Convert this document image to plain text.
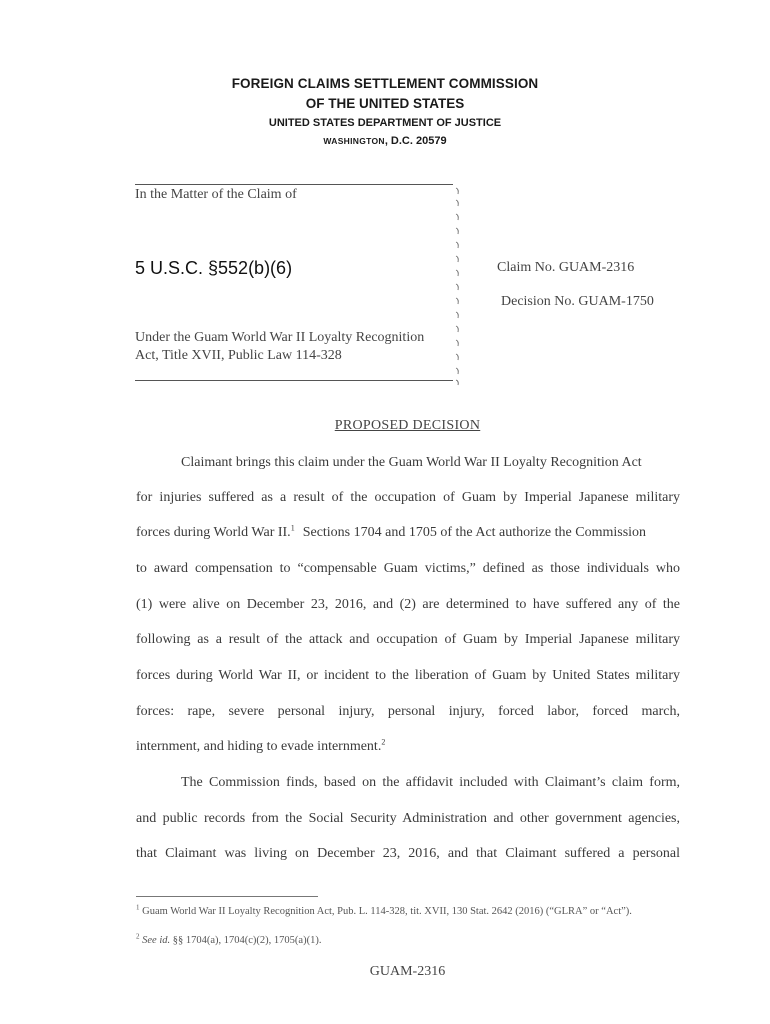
FOREIGN CLAIMS SETTLEMENT COMMISSION
OF THE UNITED STATES
UNITED STATES DEPARTMENT OF JUSTICE
WASHINGTON, D.C. 20579
In the Matter of the Claim of
5 U.S.C. §552(b)(6)
Under the Guam World War II Loyalty Recognition
Act, Title XVII, Public Law 114-328
Claim No. GUAM-2316
Decision No. GUAM-1750
PROPOSED DECISION
Claimant brings this claim under the Guam World War II Loyalty Recognition Act
for injuries suffered as a result of the occupation of Guam by Imperial Japanese military
forces during World War II.$^1$ Sections 1704 and 1705 of the Act authorize the Commission
to award compensation to “compensable Guam victims,” defined as those individuals who
(1) were alive on December 23, 2016, and (2) are determined to have suffered any of the
following as a result of the attack and occupation of Guam by Imperial Japanese military
forces during World War II, or incident to the liberation of Guam by United States military
forces: rape, severe personal injury, personal injury, forced labor, forced march,
internment, and hiding to evade internment.$^2$
The Commission finds, based on the affidavit included with Claimant’s claim form,
and public records from the Social Security Administration and other government agencies,
that Claimant was living on December 23, 2016, and that Claimant suffered a personal
$^1$ Guam World War II Loyalty Recognition Act, Pub. L. 114-328, tit. XVII, 130 Stat. 2642 (2016) (“GLRA” or “Act”).
$^2$ See id. §§ 1704(a), 1704(c)(2), 1705(a)(1).
GUAM-2316
